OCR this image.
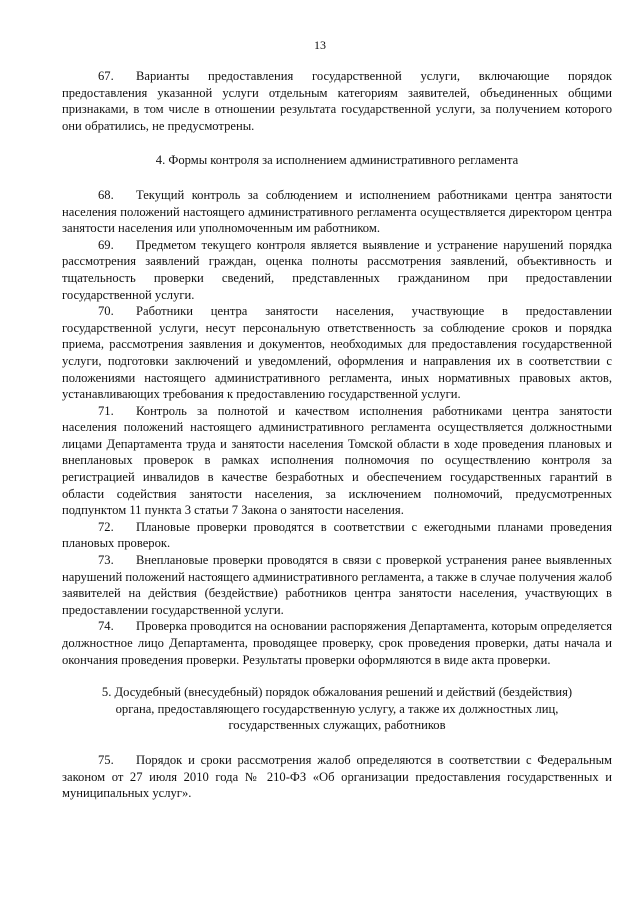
13

67. Варианты предоставления государственной услуги, включающие порядок предоставления указанной услуги отдельным категориям заявителей, объединенных общими признаками, в том числе в отношении результата государственной услуги, за получением которого они обратились, не предусмотрены.

4. Формы контроля за исполнением административного регламента

68. Текущий контроль за соблюдением и исполнением работниками центра занятости населения положений настоящего административного регламента осуществляется директором центра занятости населения или уполномоченным им работником.

69. Предметом текущего контроля является выявление и устранение нарушений порядка рассмотрения заявлений граждан, оценка полноты рассмотрения заявлений, объективность и тщательность проверки сведений, представленных гражданином при предоставлении государственной услуги.

70. Работники центра занятости населения, участвующие в предоставлении государственной услуги, несут персональную ответственность за соблюдение сроков и порядка приема, рассмотрения заявления и документов, необходимых для предоставления государственной услуги, подготовки заключений и уведомлений, оформления и направления их в соответствии с положениями настоящего административного регламента, иных нормативных правовых актов, устанавливающих требования к предоставлению государственной услуги.

71. Контроль за полнотой и качеством исполнения работниками центра занятости населения положений настоящего административного регламента осуществляется должностными лицами Департамента труда и занятости населения Томской области в ходе проведения плановых и внеплановых проверок в рамках исполнения полномочия по осуществлению контроля за регистрацией инвалидов в качестве безработных и обеспечением государственных гарантий в области содействия занятости населения, за исключением полномочий, предусмотренных подпунктом 11 пункта 3 статьи 7 Закона о занятости населения.

72. Плановые проверки проводятся в соответствии с ежегодными планами проведения плановых проверок.

73. Внеплановые проверки проводятся в связи с проверкой устранения ранее выявленных нарушений положений настоящего административного регламента, а также в случае получения жалоб заявителей на действия (бездействие) работников центра занятости населения, участвующих в предоставлении государственной услуги.

74. Проверка проводится на основании распоряжения Департамента, которым определяется должностное лицо Департамента, проводящее проверку, срок проведения проверки, даты начала и окончания проведения проверки. Результаты проверки оформляются в виде акта проверки.

5. Досудебный (внесудебный) порядок обжалования решений и действий (бездействия)

органа, предоставляющего государственную услугу, а также их должностных лиц,

государственных служащих, работников

75. Порядок и сроки рассмотрения жалоб определяются в соответствии с Федеральным законом от 27 июля 2010 года № 210-ФЗ «Об организации предоставления государственных и муниципальных услуг».
